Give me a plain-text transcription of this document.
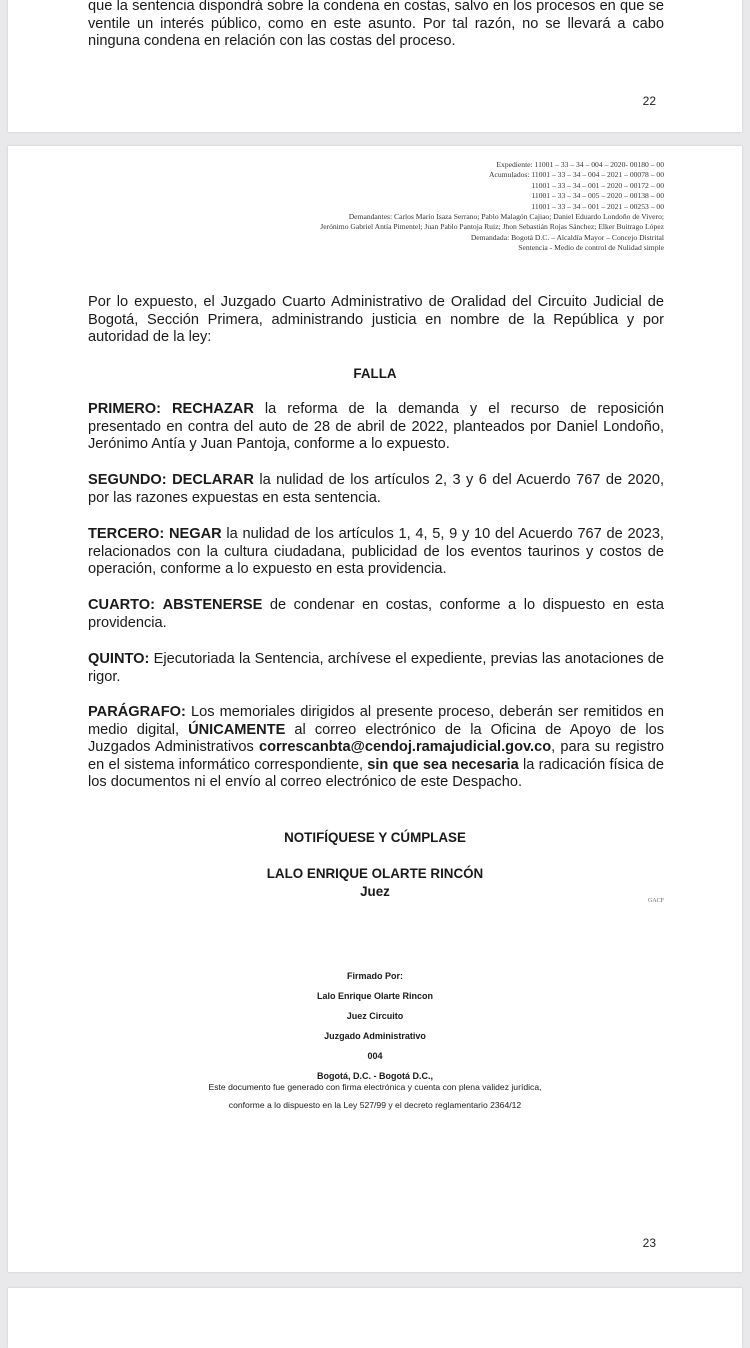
que la sentencia dispondrá sobre la condena en costas, salvo en los procesos en que se ventile un interés público, como en este asunto. Por tal razón, no se llevará a cabo ninguna condena en relación con las costas del proceso.

22
Expediente: 11001 – 33 – 34 – 004 – 2020- 00180 – 00
Acumulados: 11001 – 33 – 34 – 004 – 2021 – 00078 – 00
11001 – 33 – 34 – 001 – 2020 – 00172 – 00
11001 – 33 – 34 – 005 – 2020 – 00138 – 00
11001 – 33 – 34 – 001 – 2021 – 00253 – 00
Demandantes: Carlos Mario Isaza Serrano; Pablo Malagón Cajiao; Daniel Eduardo Londoño de Vivero;
Jerónimo Gabriel Antía Pimentel; Juan Pablo Pantoja Ruiz; Jhon Sebastián Rojas Sánchez; Elker Buitrago López
Demandada: Bogotá D.C. – Alcaldía Mayor – Concejo Distrital
Sentencia - Medio de control de Nulidad simple

Por lo expuesto, el Juzgado Cuarto Administrativo de Oralidad del Circuito Judicial de Bogotá, Sección Primera, administrando justicia en nombre de la República y por autoridad de la ley:

FALLA

PRIMERO: RECHAZAR la reforma de la demanda y el recurso de reposición presentado en contra del auto de 28 de abril de 2022, planteados por Daniel Londoño, Jerónimo Antía y Juan Pantoja, conforme a lo expuesto.

SEGUNDO: DECLARAR la nulidad de los artículos 2, 3 y 6 del Acuerdo 767 de 2020, por las razones expuestas en esta sentencia.

TERCERO: NEGAR la nulidad de los artículos 1, 4, 5, 9 y 10 del Acuerdo 767 de 2023, relacionados con la cultura ciudadana, publicidad de los eventos taurinos y costos de operación, conforme a lo expuesto en esta providencia.

CUARTO: ABSTENERSE de condenar en costas, conforme a lo dispuesto en esta providencia.

QUINTO: Ejecutoriada la Sentencia, archívese el expediente, previas las anotaciones de rigor.

PARÁGRAFO: Los memoriales dirigidos al presente proceso, deberán ser remitidos en medio digital, ÚNICAMENTE al correo electrónico de la Oficina de Apoyo de los Juzgados Administrativos correscanbta@cendoj.ramajudicial.gov.co, para su registro en el sistema informático correspondiente, sin que sea necesaria la radicación física de los documentos ni el envío al correo electrónico de este Despacho.

NOTIFÍQUESE Y CÚMPLASE

LALO ENRIQUE OLARTE RINCÓN

Juez

GACF
Firmado Por:
Lalo Enrique Olarte Rincon
Juez Circuito
Juzgado Administrativo
004
Bogotá, D.C. - Bogotá D.C.,
Este documento fue generado con firma electrónica y cuenta con plena validez jurídica,
conforme a lo dispuesto en la Ley 527/99 y el decreto reglamentario 2364/12
23
